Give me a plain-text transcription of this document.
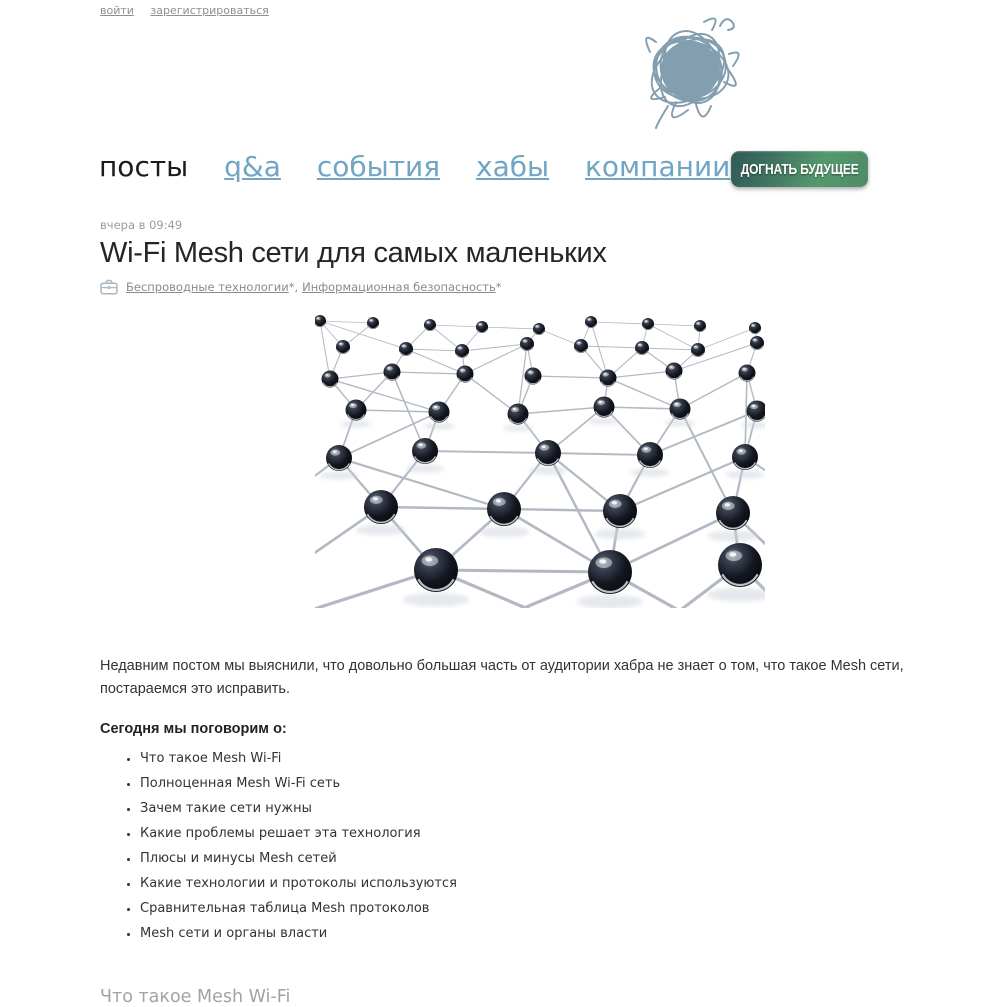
войти зарегистрироваться
посты q&a события хабы компании ДОГНАТЬ БУДУЩЕЕ
вчера в 09:49
Wi-Fi Mesh сети для самых маленьких
Беспроводные технологии * , Информационная безопасность *

Недавним постом мы выяснили, что довольно большая часть от аудитории хабра не знает о том, что такое Mesh сети, постараемся это исправить.

Сегодня мы поговорим о:

• Что такое Mesh Wi-Fi
• Полноценная Mesh Wi-Fi сеть
• Зачем такие сети нужны
• Какие проблемы решает эта технология
• Плюсы и минусы Mesh сетей
• Какие технологии и протоколы используются
• Сравнительная таблица Mesh протоколов
• Mesh сети и органы власти
Что такое Mesh Wi-Fi
